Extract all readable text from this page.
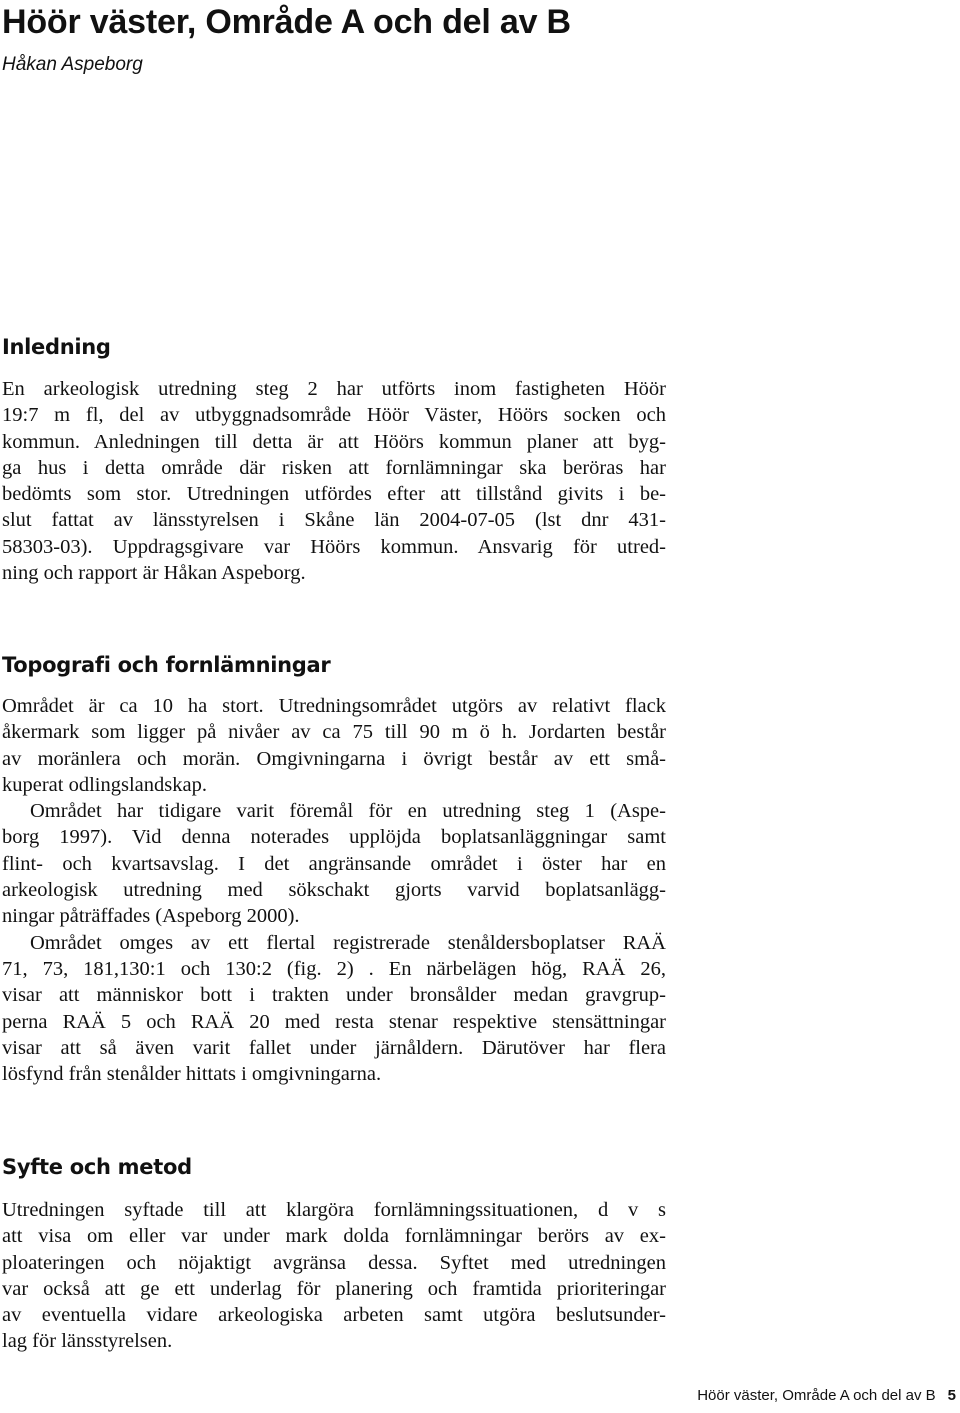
Höör väster, Område A och del av B
Håkan Aspeborg
Inledning
En arkeologisk utredning steg 2 har utförts inom fastigheten Höör
19:7 m fl, del av utbyggnadsområde Höör Väster, Höörs socken och
kommun. Anledningen till detta är att Höörs kommun planer att byg-
ga hus i detta område där risken att fornlämningar ska beröras har
bedömts som stor. Utredningen utfördes efter att tillstånd givits i be-
slut fattat av länsstyrelsen i Skåne län 2004-07-05 (lst dnr 431-
58303-03). Uppdragsgivare var Höörs kommun. Ansvarig för utred-
ning och rapport är Håkan Aspeborg.
Topografi och fornlämningar
Området är ca 10 ha stort. Utredningsområdet utgörs av relativt flack
åkermark som ligger på nivåer av ca 75 till 90 m ö h. Jordarten består
av moränlera och morän. Omgivningarna i övrigt består av ett små-
kuperat odlingslandskap.
Området har tidigare varit föremål för en utredning steg 1 (Aspe-
borg 1997). Vid denna noterades upplöjda boplatsanläggningar samt
flint- och kvartsavslag. I det angränsande området i öster har en
arkeologisk utredning med sökschakt gjorts varvid boplatsanlägg-
ningar påträffades (Aspeborg 2000).
Området omges av ett flertal registrerade stenåldersboplatser RAÄ
71, 73, 181,130:1 och 130:2 (fig. 2) . En närbelägen hög, RAÄ 26,
visar att människor bott i trakten under bronsålder medan gravgrup-
perna RAÄ 5 och RAÄ 20 med resta stenar respektive stensättningar
visar att så även varit fallet under järnåldern. Därutöver har flera
lösfynd från stenålder hittats i omgivningarna.
Syfte och metod
Utredningen syftade till att klargöra fornlämningssituationen, d v s
att visa om eller var under mark dolda fornlämningar berörs av ex-
ploateringen och nöjaktigt avgränsa dessa. Syftet med utredningen
var också att ge ett underlag för planering och framtida prioriteringar
av eventuella vidare arkeologiska arbeten samt utgöra beslutsunder-
lag för länsstyrelsen.
Höör väster, Område A och del av B 5
